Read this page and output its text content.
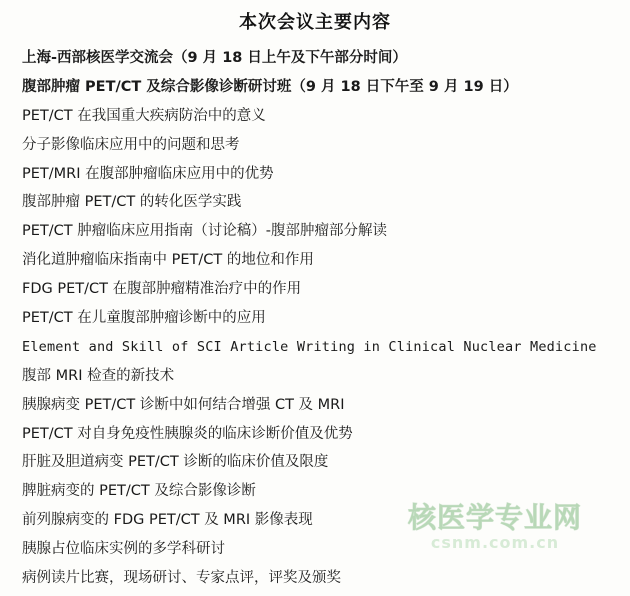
本次会议主要内容
上海-西部核医学交流会（9 月 18 日上午及下午部分时间）
腹部肿瘤 PET/CT 及综合影像诊断研讨班（9 月 18 日下午至 9 月 19 日）
PET/CT 在我国重大疾病防治中的意义
分子影像临床应用中的问题和思考
PET/MRI 在腹部肿瘤临床应用中的优势
腹部肿瘤 PET/CT 的转化医学实践
PET/CT 肿瘤临床应用指南（讨论稿）-腹部肿瘤部分解读
消化道肿瘤临床指南中 PET/CT 的地位和作用
FDG PET/CT 在腹部肿瘤精准治疗中的作用
PET/CT 在儿童腹部肿瘤诊断中的应用
Element and Skill of SCI Article Writing in Clinical Nuclear Medicine
腹部 MRI 检查的新技术
胰腺病变 PET/CT 诊断中如何结合增强 CT 及 MRI
PET/CT 对自身免疫性胰腺炎的临床诊断价值及优势
肝脏及胆道病变 PET/CT 诊断的临床价值及限度
脾脏病变的 PET/CT 及综合影像诊断
前列腺病变的 FDG PET/CT 及 MRI 影像表现
胰腺占位临床实例的多学科研讨
病例读片比赛，现场研讨、专家点评，评奖及颁奖
核医学专业网
csnm.com.cn
